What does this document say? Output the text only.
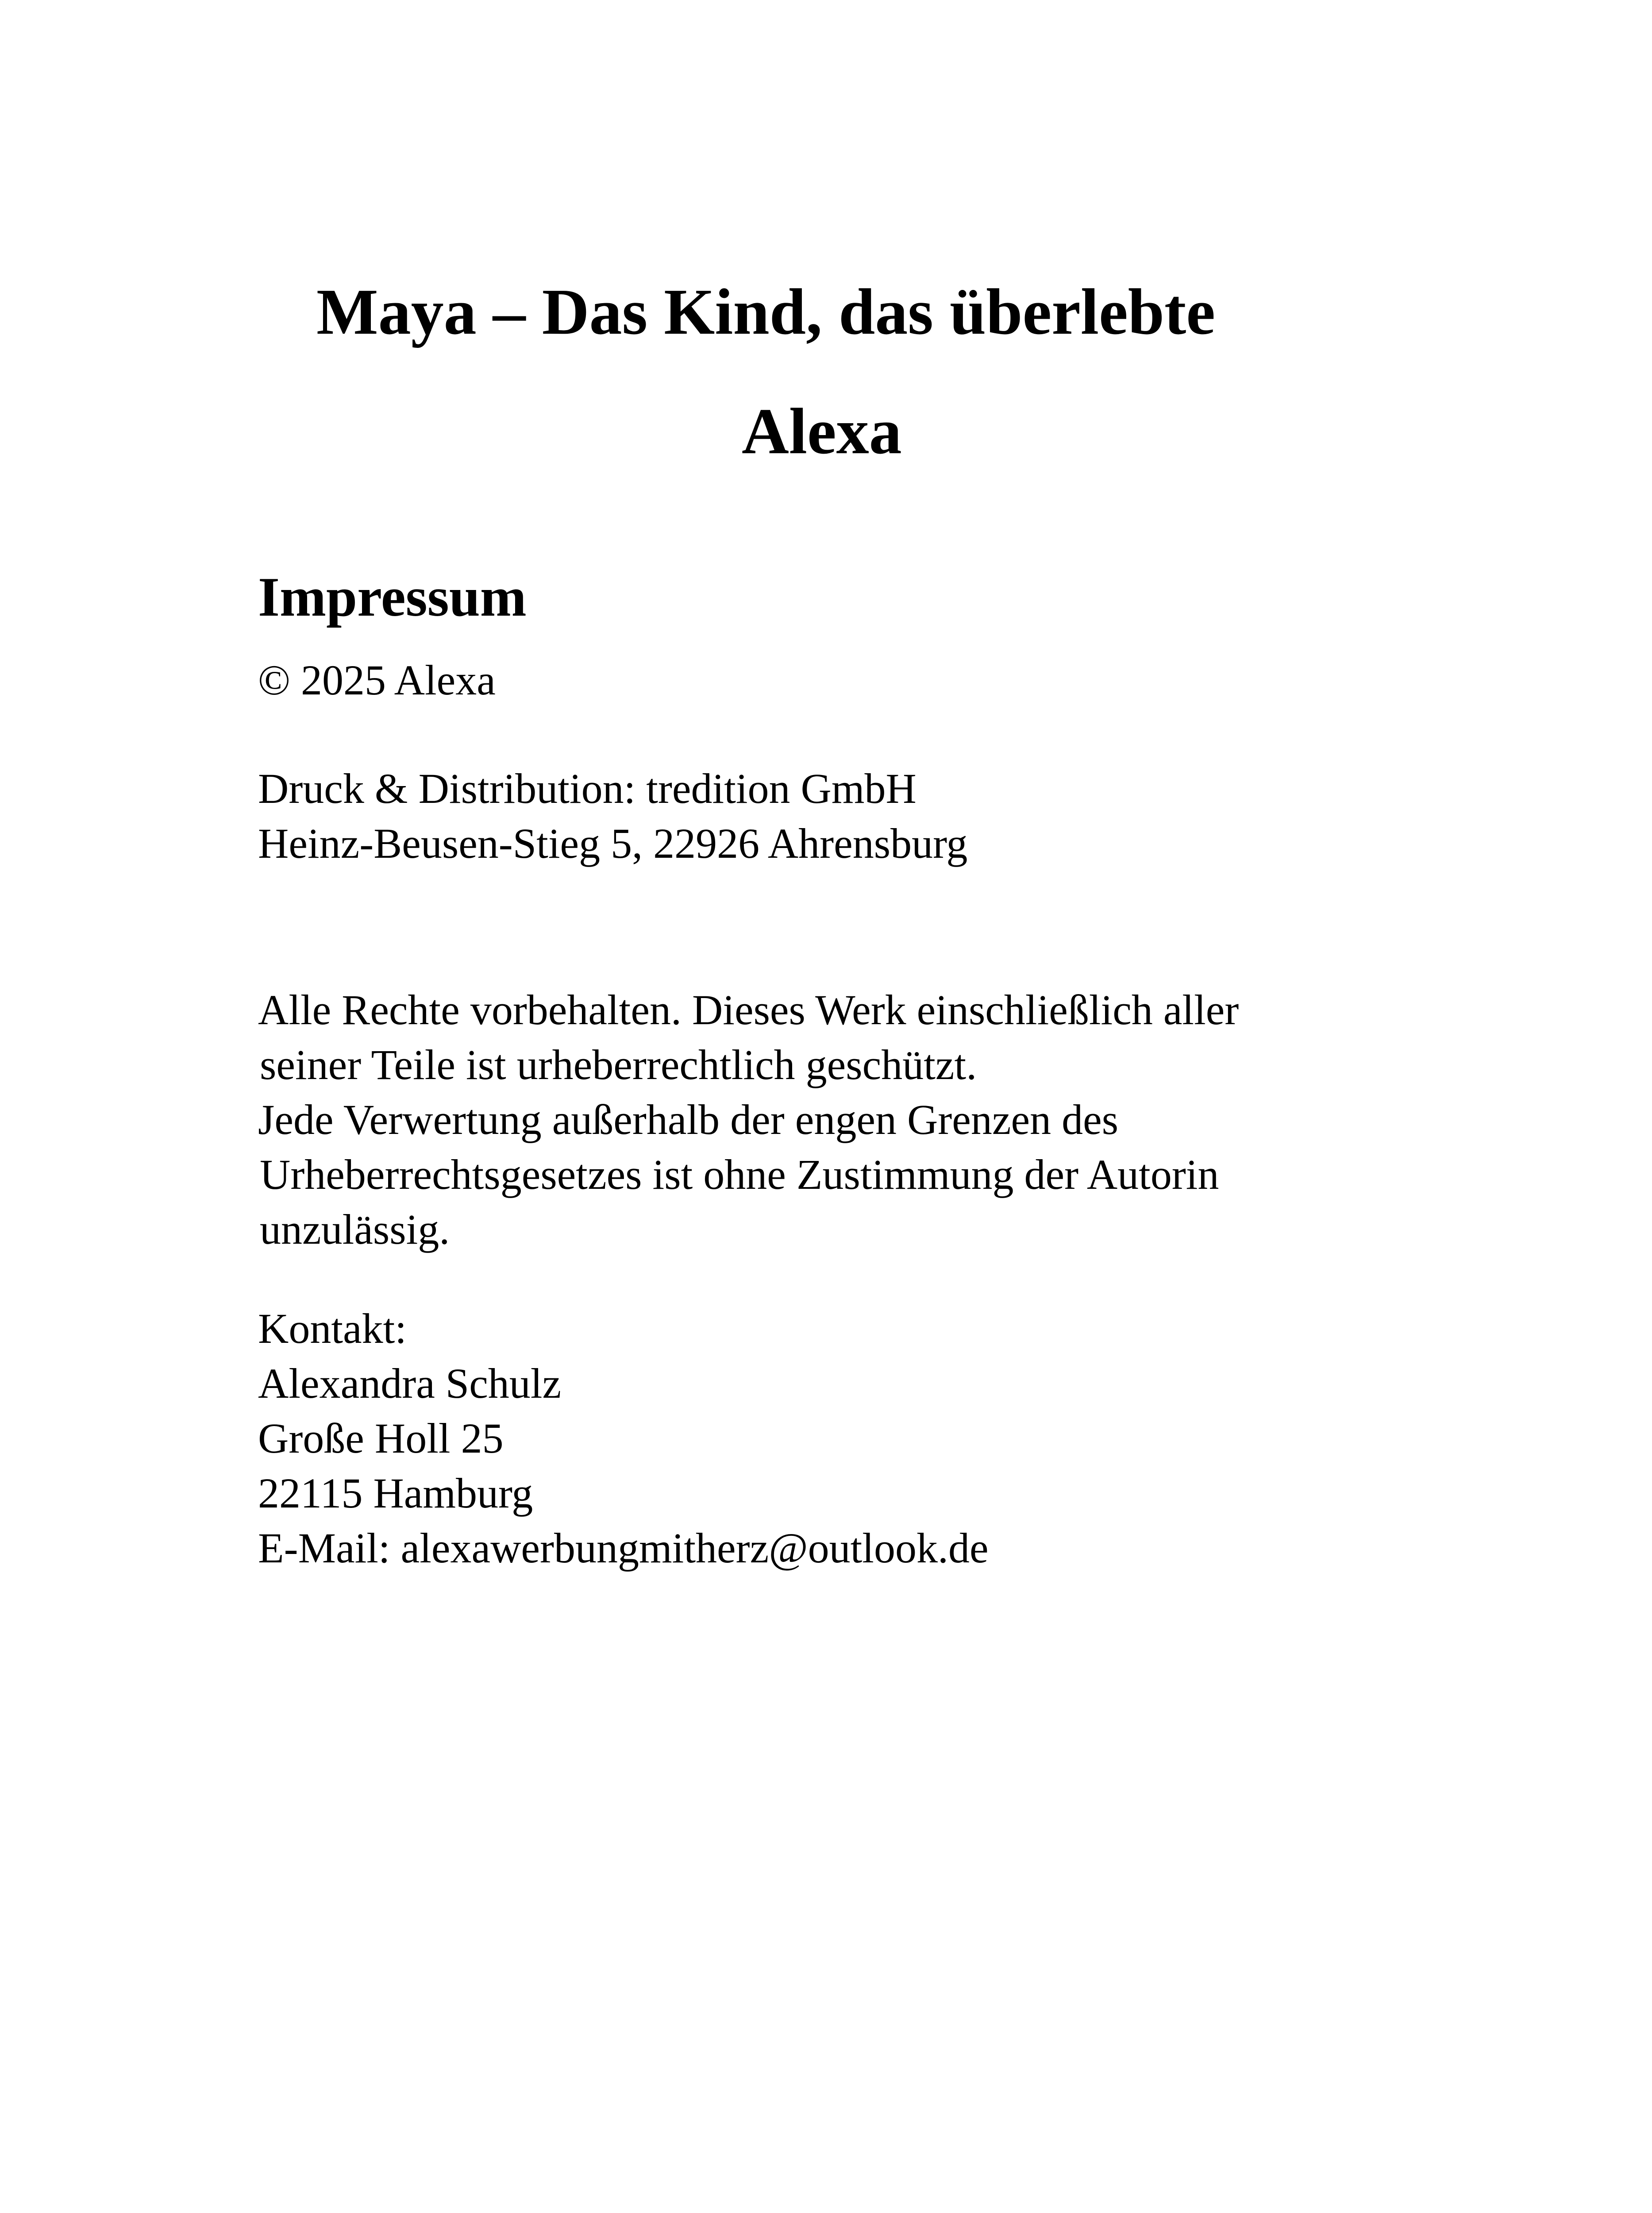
Maya – Das Kind, das überlebte
Alexa
Impressum

© 2025 Alexa

Druck & Distribution: tredition GmbH
Heinz-Beusen-Stieg 5, 22926 Ahrensburg

Alle Rechte vorbehalten. Dieses Werk einschließlich aller
seiner Teile ist urheberrechtlich geschützt.
Jede Verwertung außerhalb der engen Grenzen des
Urheberrechtsgesetzes ist ohne Zustimmung der Autorin
unzulässig.

Kontakt:
Alexandra Schulz
Große Holl 25
22115 Hamburg
E-Mail: alexawerbungmitherz@outlook.de
